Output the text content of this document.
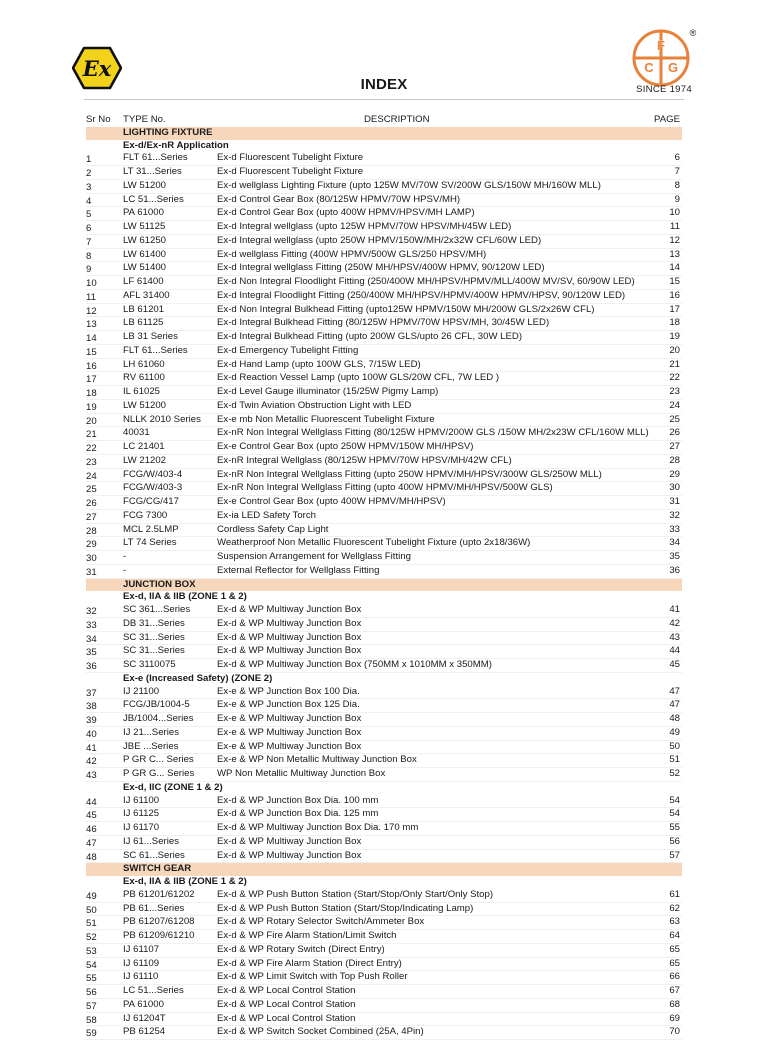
Ex
INDEX
F
C G
®
SINCE 1974
Sr No TYPE No.	DESCRIPTION	PAGE
LIGHTING FIXTURE
Ex-d/Ex-nR Application
1	FLT 61...Series	Ex-d Fluorescent Tubelight Fixture	6
2	LT 31...Series	Ex-d Fluorescent Tubelight Fixture	7
3	LW 51200	Ex-d wellglass Lighting Fixture (upto 125W MV/70W SV/200W GLS/150W MH/160W MLL)	8
4	LC 51...Series	Ex-d Control Gear Box (80/125W HPMV/70W HPSV/MH)	9
5	PA 61000	Ex-d Control Gear Box (upto 400W HPMV/HPSV/MH LAMP)	10
6	LW 51125	Ex-d Integral wellglass (upto 125W HPMV/70W HPSV/MH/45W LED)	11
7	LW 61250	Ex-d Integral wellglass (upto 250W HPMV/150W/MH/2x32W CFL/60W LED)	12
8	LW 61400	Ex-d wellglass Fitting (400W HPMV/500W GLS/250 HPSV/MH)	13
9	LW 51400	Ex-d Integral wellglass Fitting (250W MH/HPSV/400W HPMV, 90/120W LED)	14
10	LF 61400	Ex-d Non Integral Floodlight Fitting (250/400W MH/HPSV/HPMV/MLL/400W MV/SV, 60/90W LED)	15
11	AFL 31400	Ex-d Integral Floodlight Fitting (250/400W MH/HPSV/HPMV/400W HPMV/HPSV, 90/120W LED)	16
12	LB 61201	Ex-d Non Integral Bulkhead Fitting (upto125W HPMV/150W MH/200W GLS/2x26W CFL)	17
13	LB 61125	Ex-d Integral Bulkhead Fitting (80/125W HPMV/70W HPSV/MH, 30/45W LED)	18
14	LB 31 Series	Ex-d Integral Bulkhead Fitting (upto 200W GLS/upto 26 CFL, 30W LED)	19
15	FLT 61...Series	Ex-d Emergency Tubelight Fitting	20
16	LH 61060	Ex-d Hand Lamp (upto 100W GLS, 7/15W LED)	21
17	RV 61100	Ex-d Reaction Vessel Lamp (upto 100W GLS/20W CFL, 7W LED )	22
18	IL 61025	Ex-d Level Gauge illuminator (15/25W Pigmy Lamp)	23
19	LW 51200	Ex-d Twin Aviation Obstruction Light with LED	24
20	NLLK 2010 Series Ex-e mb Non Metallic Fluorescent Tubelight Fixture	25
21	40031	Ex-nR Non Integral Wellglass Fitting (80/125W HPMV/200W GLS /150W MH/2x23W CFL/160W MLL) 26
22	LC 21401	Ex-e Control Gear Box (upto 250W HPMV/150W MH/HPSV)	27
23	LW 21202	Ex-nR Integral Wellglass (80/125W HPMV/70W HPSV/MH/42W CFL)	28
24	FCG/W/403-4	Ex-nR Non Integral Wellglass Fitting (upto 250W HPMV/MH/HPSV/300W GLS/250W MLL)	29
25	FCG/W/403-3	Ex-nR Non Integral Wellglass Fitting (upto 400W HPMV/MH/HPSV/500W GLS)	30
26	FCG/CG/417	Ex-e Control Gear Box (upto 400W HPMV/MH/HPSV)	31
27	FCG 7300	Ex-ia LED Safety Torch	32
28	MCL 2.5LMP	Cordless Safety Cap Light	33
29	LT 74 Series	Weatherproof Non Metallic Fluorescent Tubelight Fixture (upto 2x18/36W)	34
30	-	Suspension Arrangement for Wellglass Fitting	35
31	-	External Reflector for Wellglass Fitting	36
JUNCTION BOX
Ex-d, IIA & IIB (ZONE 1 & 2)
32	SC 361...Series	Ex-d & WP Multiway Junction Box	41
33	DB 31...Series	Ex-d & WP Multiway Junction Box	42
34	SC 31...Series	Ex-d & WP Multiway Junction Box	43
35	SC 31...Series	Ex-d & WP Multiway Junction Box	44
36	SC 3110075	Ex-d & WP Multiway Junction Box (750MM x 1010MM x 350MM)	45
Ex-e (Increased Safety) (ZONE 2)
37	IJ 21100	Ex-e & WP Junction Box 100 Dia.	47
38	FCG/JB/1004-5	Ex-e & WP Junction Box 125 Dia.	47
39	JB/1004...Series Ex-e & WP Multiway Junction Box	48
40	IJ 21...Series	Ex-e & WP Multiway Junction Box	49
41	JBE ...Series	Ex-e & WP Multiway Junction Box	50
42	P GR C... Series Ex-e & WP Non Metallic Multiway Junction Box	51
43	P GR G... Series WP Non Metallic Multiway Junction Box	52
Ex-d, IIC (ZONE 1 & 2)
44	IJ 61100	Ex-d & WP Junction Box Dia. 100 mm	54
45	IJ 61125	Ex-d & WP Junction Box Dia. 125 mm	54
46	IJ 61170	Ex-d & WP Multiway Junction Box Dia. 170 mm	55
47	IJ 61...Series	Ex-d & WP Multiway Junction Box	56
48	SC 61...Series	Ex-d & WP Multiway Junction Box	57
SWITCH GEAR
Ex-d, IIA & IIB (ZONE 1 & 2)
49	PB 61201/61202 Ex-d & WP Push Button Station (Start/Stop/Only Start/Only Stop)	61
50	PB 61...Series	Ex-d & WP Push Button Station (Start/Stop/Indicating Lamp)	62
51	PB 61207/61208 Ex-d & WP Rotary Selector Switch/Ammeter Box	63
52	PB 61209/61210 Ex-d & WP Fire Alarm Station/Limit Switch	64
53	IJ 61107	Ex-d & WP Rotary Switch (Direct Entry)	65
54	IJ 61109	Ex-d & WP Fire Alarm Station (Direct Entry)	65
55	IJ 61110	Ex-d & WP Limit Switch with Top Push Roller	66
56	LC 51...Series	Ex-d & WP Local Control Station	67
57	PA 61000	Ex-d & WP Local Control Station	68
58	IJ 61204T	Ex-d & WP Local Control Station	69
59	PB 61254	Ex-d & WP Switch Socket Combined (25A, 4Pin)	70
